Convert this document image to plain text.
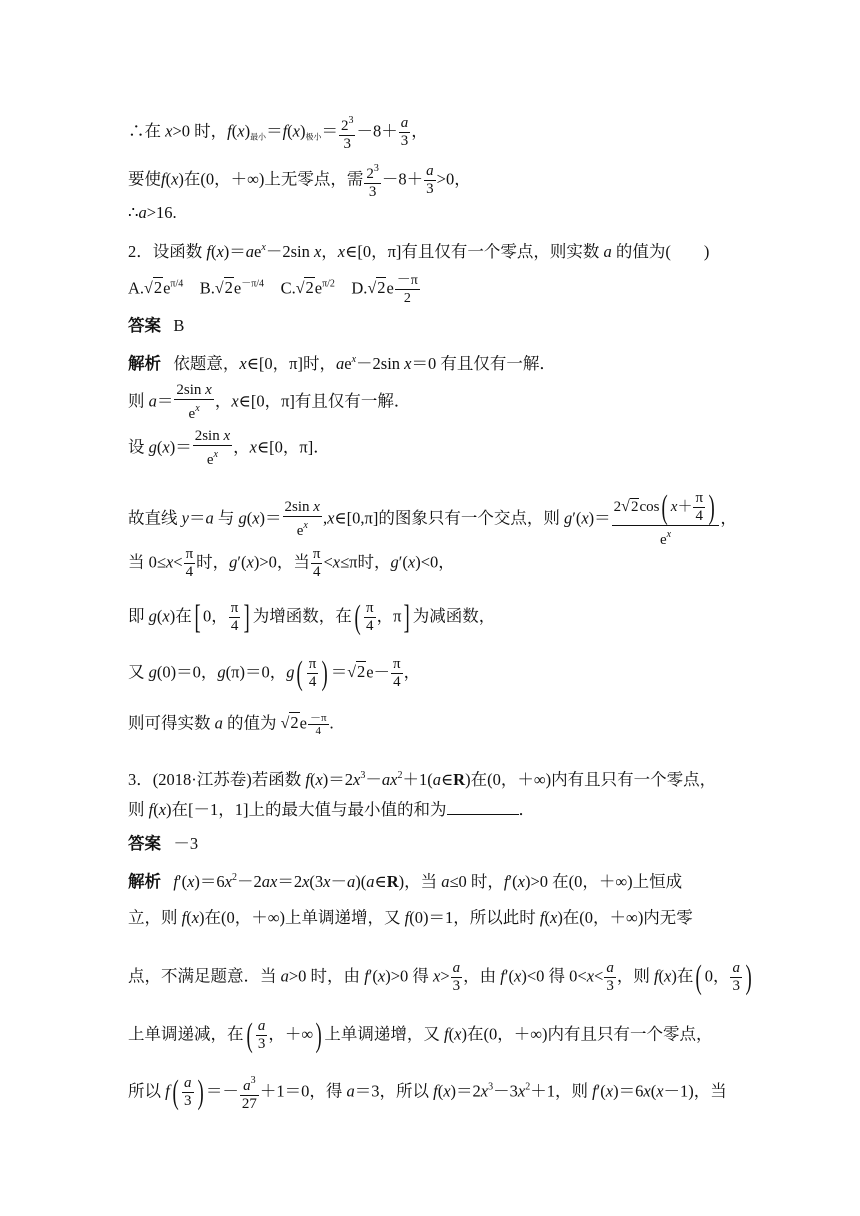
∴在 x>0 时，$f(x)_{最小}=f(x)_{极小}= \frac{2^3}{3} -8+ \frac{a}{3}$ ，
要使f(x)在(0，＋∞)上无零点，需 $\frac{2^3}{3} -8+ \frac{a}{3} >0$，
∴a>16.
2．设函数 $f(x)=ae^x-2\sin$ x，x∈[0，π]有且仅有一个零点，则实数 a 的值为(　　)
A. √ $2e^{\pi/4}$　B. √ $2e^{-\pi/4}$　C. √ $2e^{\pi/2}$　D. √ $2e \frac{-\pi}{2}$
答案 B
解析   依题意，x∈[0，π]时，$ae^x-2\sin$ x＝0 有且仅有一解．
则 $a= \frac{\text{2sin x}}{e^x}$ ，x∈[0，π]有且仅有一解．
设 $g(x)= \frac{\text{2sin x}}{e^x}$ ，x∈[0，π]．
故直线 y＝a 与 $g(x)= \frac{\text{2sin x}}{e^x}$ ,x∈[0,π]的图象只有一个交点，则 $g'(x)= \frac{2 √ 2\cos( x+ \frac{\pi}{4} )}{e^x}$ ，
当 $0\le x< \frac{\pi}{4}$ 时，g′(x)>0，当 $\frac{\pi}{4} <x\le\pi$时，g′(x)<0，
即 g(x)在[ 0， $\frac{\pi}{4}$ ] 为增函数，在( $\frac{\pi}{4}$ ，π] 为减函数，
又 g(0)＝0，g(π)＝0，$g( \frac{\pi}{4}$ ) ＝ √ $2e- \frac{\pi}{4}$ ，
则可得实数 a 的值为 √ $2e \frac{-\pi}{4}$ .
3．(2018·江苏卷)若函数 $f(x)=2x^3-ax^2+1(a\in R)$在(0，＋∞)内有且只有一个零点，
则 f(x)在[－1，1]上的最大值与最小值的和为	．
答案 －3
解析 $f'(x)=6x^2-2ax=2x(3x-a)(a\in R)$，当 a≤0 时，f′(x)>0 在(0，＋∞)上恒成
立，则 f(x)在(0，＋∞)上单调递增，又 f(0)＝1，所以此时 f(x)在(0，＋∞)内无零
点，不满足题意．当 a>0 时，由 f′(x)>0 得 $x> \frac{a}{3}$ ，由 f′(x)<0 得 $0<x< \frac{a}{3}$ ，则 f(x)在( 0， $\frac{a}{3}$ )
上单调递减，在( $\frac{a}{3}$ ，＋∞) 上单调递增，又 f(x)在(0，＋∞)内有且只有一个零点，
所以 $f( \frac{a}{3}$ ) ＝－ $\frac{a^3}{27} +1=0$，得 a＝3，所以 $f(x)=2x^3-3x^2+1$，则 f′(x)＝6x(x－1)，当
